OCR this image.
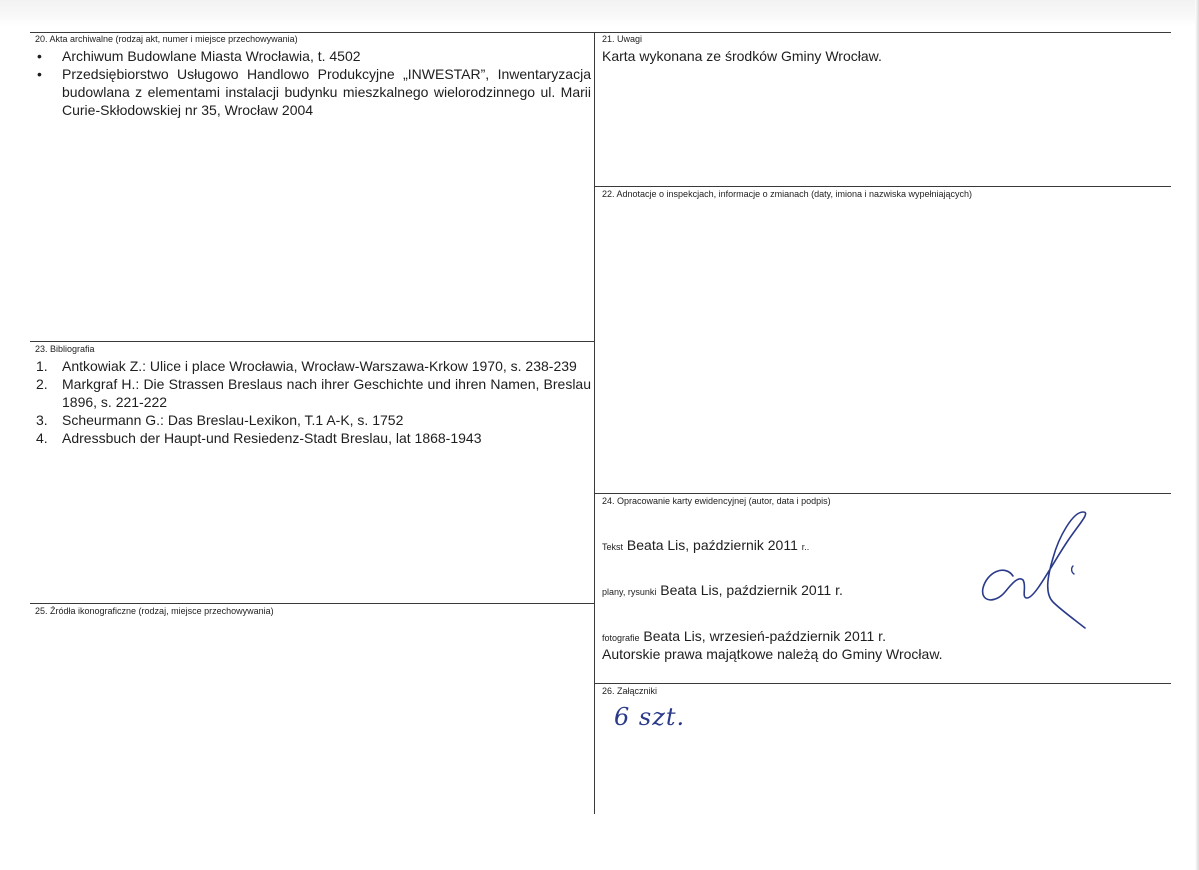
20. Akta archiwalne (rodzaj akt, numer i miejsce przechowywania)
•	Archiwum Budowlane Miasta Wrocławia, t. 4502
•	Przedsiębiorstwo Usługowo Handlowo Produkcyjne „INWESTAR”, Inwentaryzacja budowlana z elementami instalacji budynku mieszkalnego wielorodzinnego ul. Marii Curie-Skłodowskiej nr 35, Wrocław 2004
21. Uwagi
Karta wykonana ze środków Gminy Wrocław.
22. Adnotacje o inspekcjach, informacje o zmianach (daty, imiona i nazwiska wypełniających)
23. Bibliografia
1. Antkowiak Z.: Ulice i place Wrocławia, Wrocław-Warszawa-Krkow 1970, s. 238-239
2. Markgraf H.: Die Strassen Breslaus nach ihrer Geschichte und ihren Namen, Breslau 1896, s. 221-222
3. Scheurmann G.: Das Breslau-Lexikon, T.1 A-K, s. 1752
4. Adressbuch der Haupt-und Resiedenz-Stadt Breslau, lat 1868-1943
24. Opracowanie karty ewidencyjnej (autor, data i podpis)
Tekst Beata Lis, październik 2011 r..
plany, rysunki Beata Lis, październik 2011 r.
fotografie Beata Lis, wrzesień-październik 2011 r.
Autorskie prawa majątkowe należą do Gminy Wrocław.
25. Źródła ikonograficzne (rodzaj, miejsce przechowywania)
26. Załączniki
6 szt.
